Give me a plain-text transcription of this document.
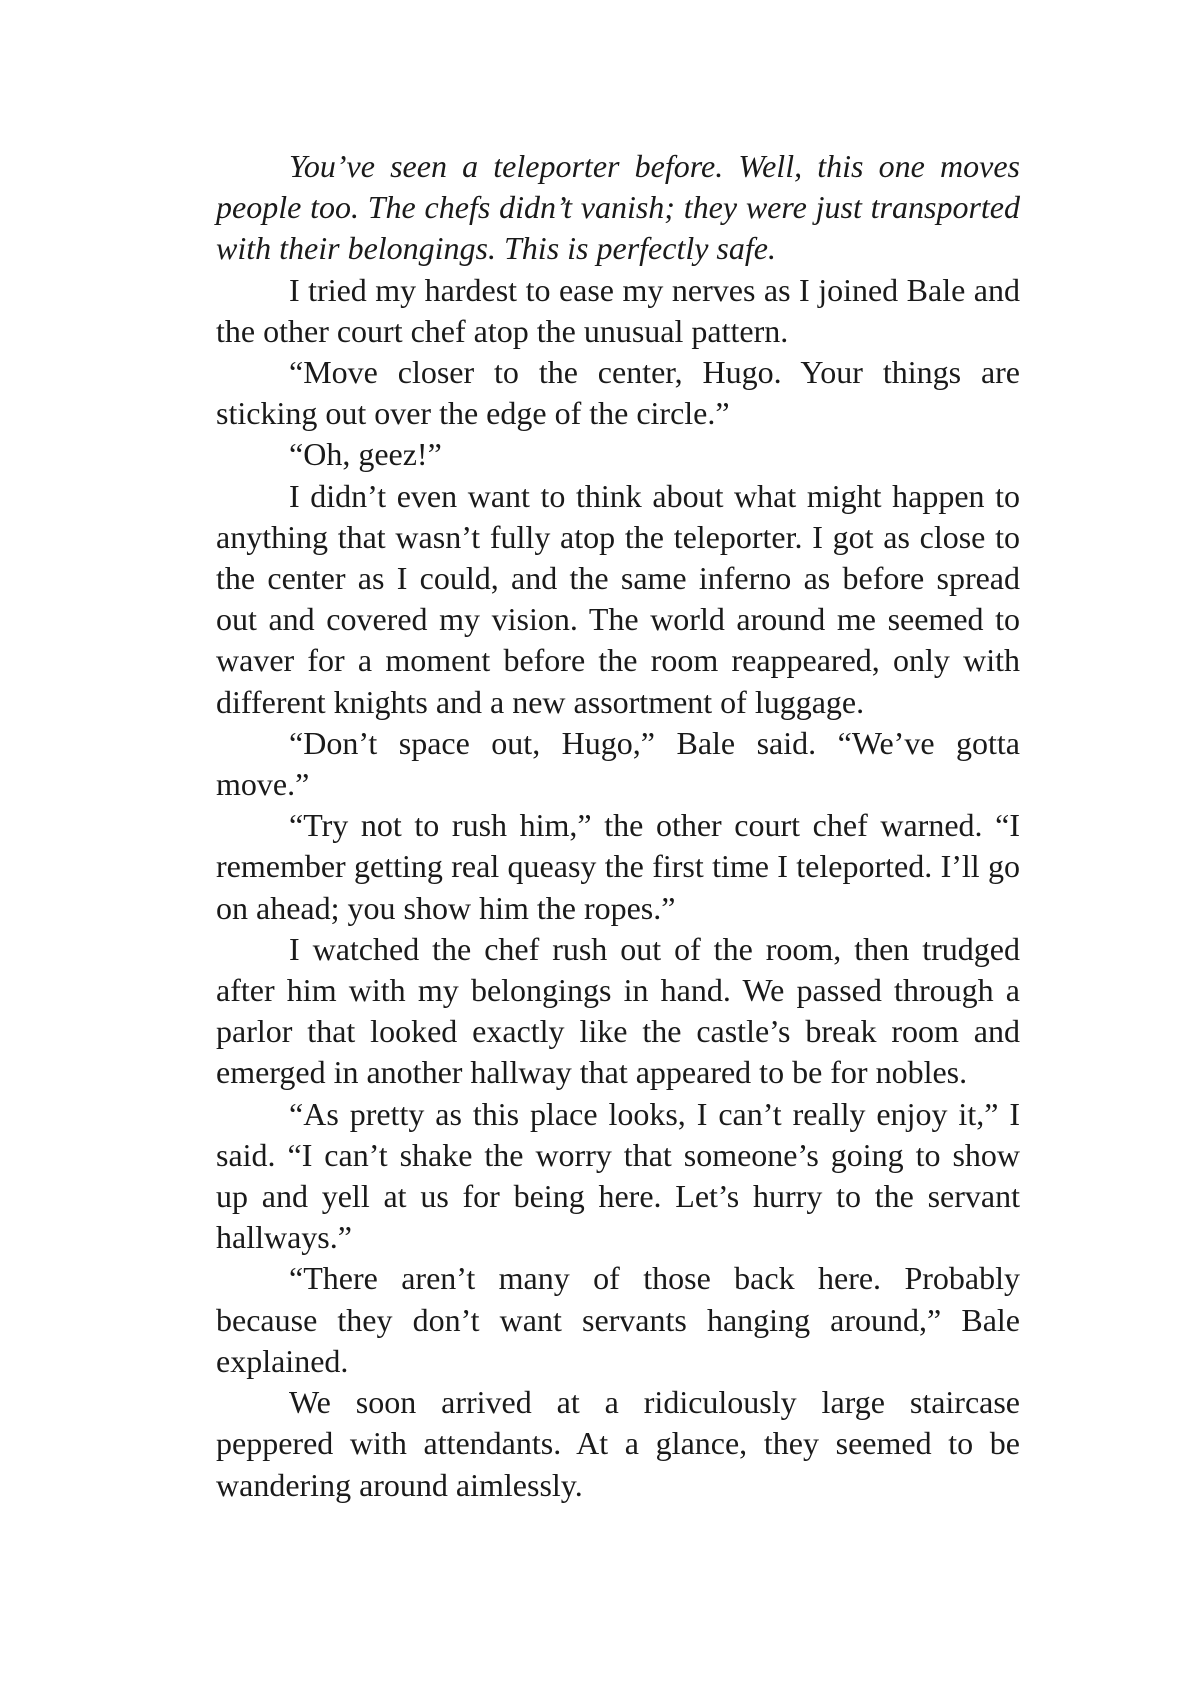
You’ve seen a teleporter before. Well, this one moves people too. The chefs didn’t vanish; they were just transported with their belongings. This is perfectly safe.

I tried my hardest to ease my nerves as I joined Bale and the other court chef atop the unusual pattern.

“Move closer to the center, Hugo. Your things are sticking out over the edge of the circle.”

“Oh, geez!”

I didn’t even want to think about what might happen to anything that wasn’t fully atop the teleporter. I got as close to the center as I could, and the same inferno as before spread out and covered my vision. The world around me seemed to waver for a moment before the room reappeared, only with different knights and a new assortment of luggage.

“Don’t space out, Hugo,” Bale said. “We’ve gotta move.”

“Try not to rush him,” the other court chef warned. “I remember getting real queasy the first time I teleported. I’ll go on ahead; you show him the ropes.”

I watched the chef rush out of the room, then trudged after him with my belongings in hand. We passed through a parlor that looked exactly like the castle’s break room and emerged in another hallway that appeared to be for nobles.

“As pretty as this place looks, I can’t really enjoy it,” I said. “I can’t shake the worry that someone’s going to show up and yell at us for being here. Let’s hurry to the servant hallways.”

“There aren’t many of those back here. Probably because they don’t want servants hanging around,” Bale explained.

We soon arrived at a ridiculously large staircase peppered with attendants. At a glance, they seemed to be wandering around aimlessly.
